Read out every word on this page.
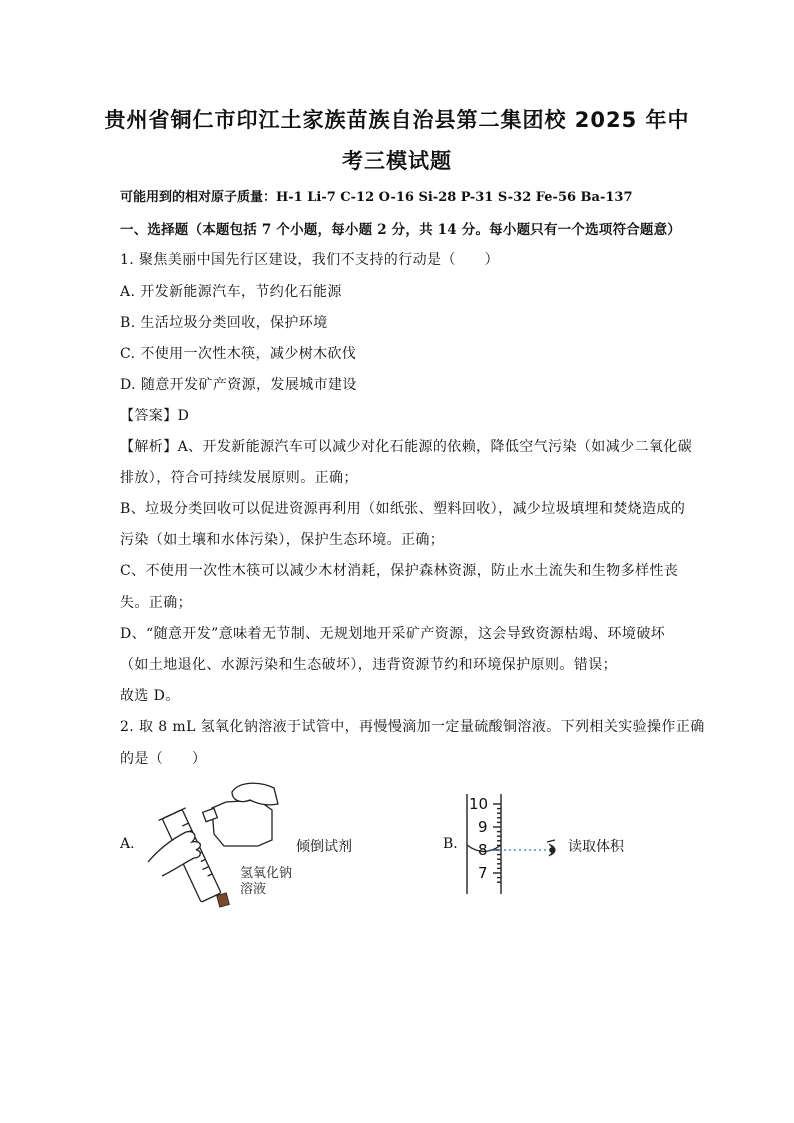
贵州省铜仁市印江土家族苗族自治县第二集团校 2025 年中
考三模试题
可能用到的相对原子质量：H-1 Li-7 C-12 O-16 Si-28 P-31 S-32 Fe-56 Ba-137
一、选择题（本题包括 7 个小题，每小题 2 分，共 14 分。每小题只有一个选项符合题意）
1. 聚焦美丽中国先行区建设，我们不支持的行动是（　　）
A. 开发新能源汽车，节约化石能源
B. 生活垃圾分类回收，保护环境
C. 不使用一次性木筷，减少树木砍伐
D. 随意开发矿产资源，发展城市建设
【答案】D
【解析】A、开发新能源汽车可以减少对化石能源的依赖，降低空气污染（如减少二氧化碳
排放），符合可持续发展原则。正确；
B、垃圾分类回收可以促进资源再利用（如纸张、塑料回收），减少垃圾填埋和焚烧造成的
污染（如土壤和水体污染），保护生态环境。正确；
C、不使用一次性木筷可以减少木材消耗，保护森林资源，防止水土流失和生物多样性丧
失。正确；
D、“随意开发”意味着无节制、无规划地开采矿产资源，这会导致资源枯竭、环境破坏
（如土地退化、水源污染和生态破坏），违背资源节约和环境保护原则。错误；
故选 D。
2. 取 8 mL 氢氧化钠溶液于试管中，再慢慢滴加一定量硫酸铜溶液。下列相关实验操作正确
的是（　　）
A.
氢氧化钠
溶液
倾倒试剂	B.
10
9
8
7
读取体积
